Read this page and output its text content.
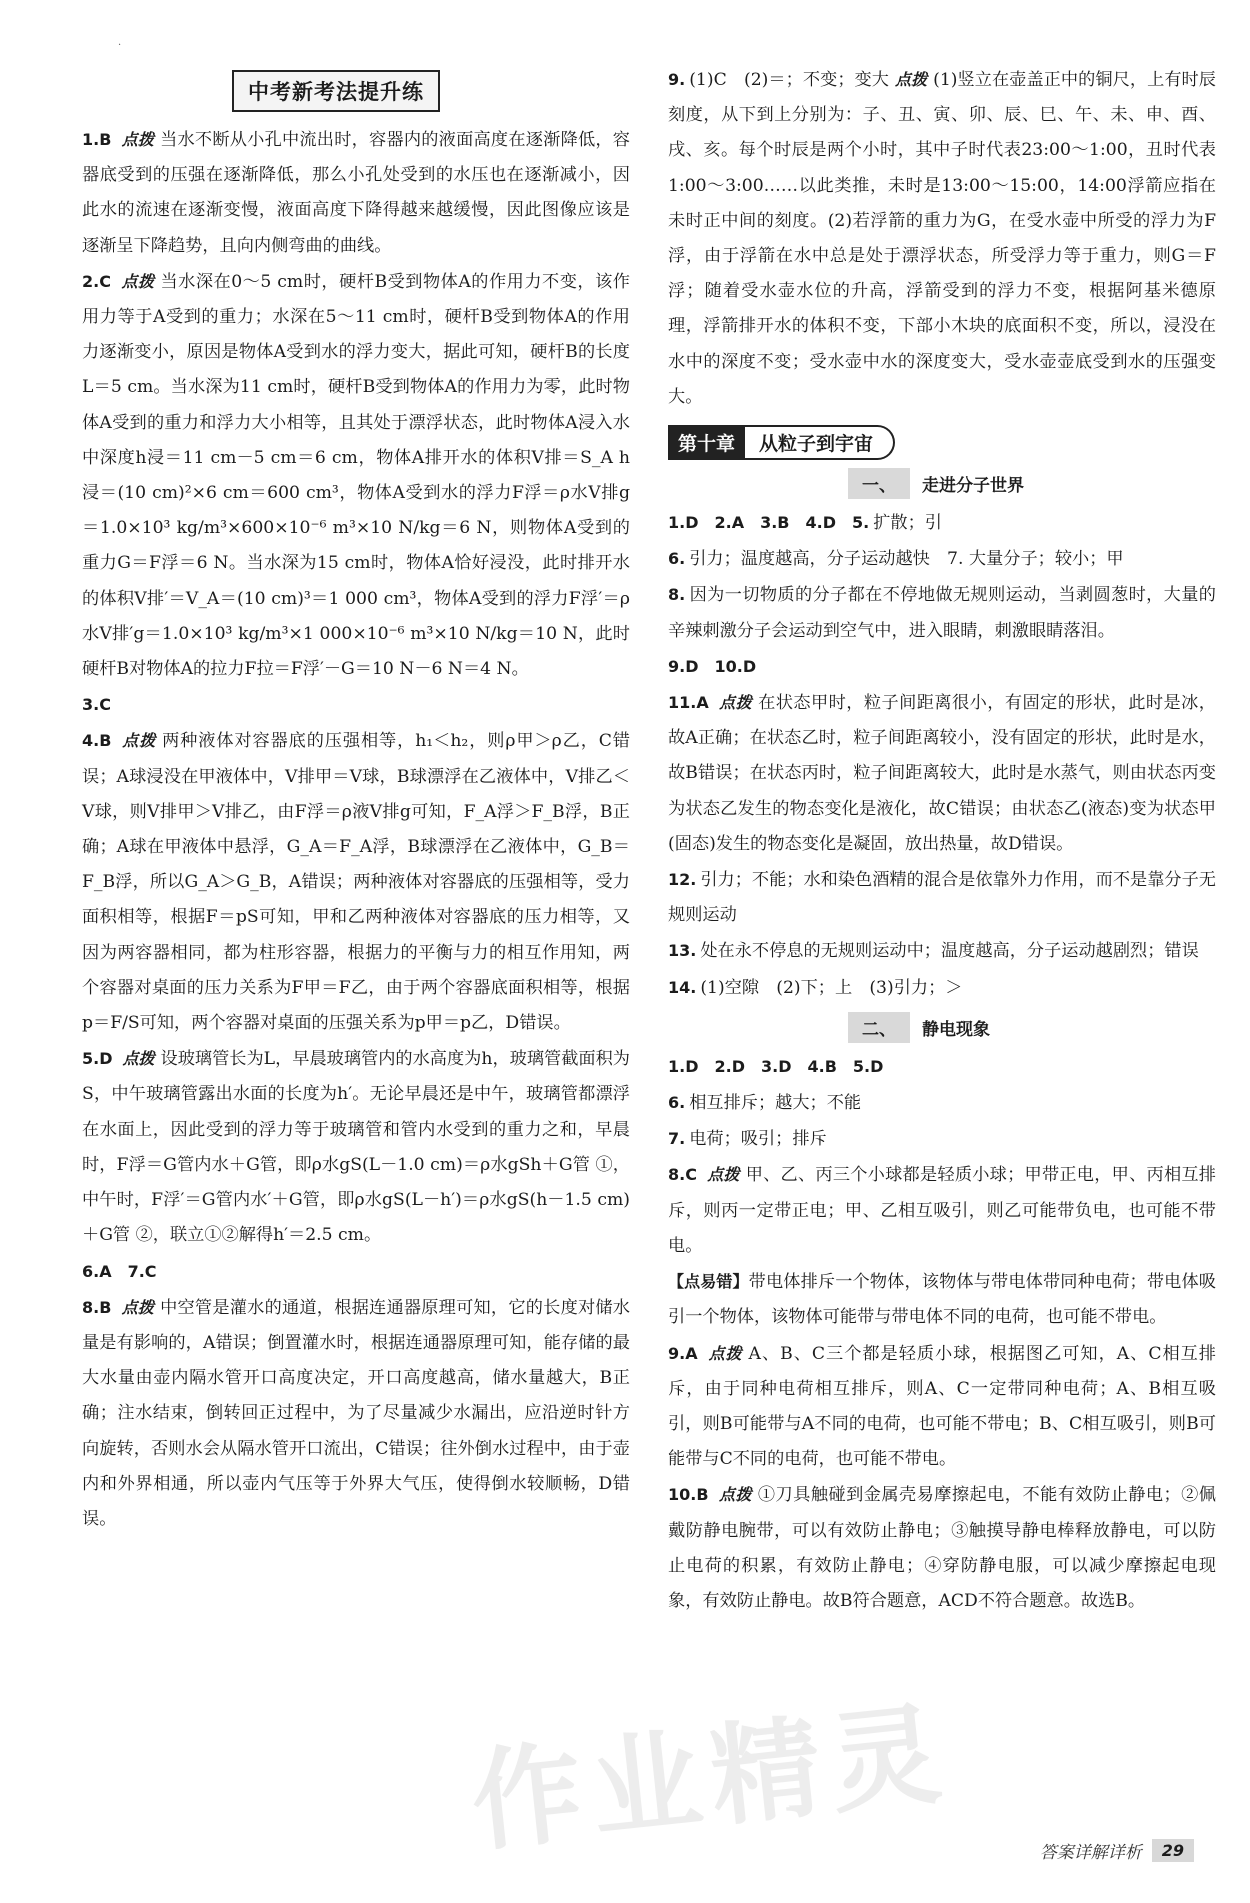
·
中考新考法提升练

1.B 点拨 当水不断从小孔中流出时，容器内的液面高度在逐渐降低，容器底受到的压强在逐渐降低，那么小孔处受到的水压也在逐渐减小，因此水的流速在逐渐变慢，液面高度下降得越来越缓慢，因此图像应该是逐渐呈下降趋势，且向内侧弯曲的曲线。

2.C 点拨 当水深在0～5 cm时，硬杆B受到物体A的作用力不变，该作用力等于A受到的重力；水深在5～11 cm时，硬杆B受到物体A的作用力逐渐变小，原因是物体A受到水的浮力变大，据此可知，硬杆B的长度L＝5 cm。当水深为11 cm时，硬杆B受到物体A的作用力为零，此时物体A受到的重力和浮力大小相等，且其处于漂浮状态，此时物体A浸入水中深度h浸＝11 cm－5 cm＝6 cm，物体A排开水的体积V排＝S_A h浸＝(10 cm)²×6 cm＝600 cm³，物体A受到水的浮力F浮＝ρ水V排g＝1.0×10³ kg/m³×600×10⁻⁶ m³×10 N/kg＝6 N，则物体A受到的重力G＝F浮＝6 N。当水深为15 cm时，物体A恰好浸没，此时排开水的体积V排′＝V_A＝(10 cm)³＝1 000 cm³，物体A受到的浮力F浮′＝ρ水V排′g＝1.0×10³ kg/m³×1 000×10⁻⁶ m³×10 N/kg＝10 N，此时硬杆B对物体A的拉力F拉＝F浮′－G＝10 N－6 N＝4 N。

3.C

4.B 点拨 两种液体对容器底的压强相等，h₁＜h₂，则ρ甲＞ρ乙，C错误；A球浸没在甲液体中，V排甲＝V球，B球漂浮在乙液体中，V排乙＜V球，则V排甲＞V排乙，由F浮＝ρ液V排g可知，F_A浮＞F_B浮，B正确；A球在甲液体中悬浮，G_A＝F_A浮，B球漂浮在乙液体中，G_B＝F_B浮，所以G_A＞G_B，A错误；两种液体对容器底的压强相等，受力面积相等，根据F＝pS可知，甲和乙两种液体对容器底的压力相等，又因为两容器相同，都为柱形容器，根据力的平衡与力的相互作用知，两个容器对桌面的压力关系为F甲＝F乙，由于两个容器底面积相等，根据p＝F/S可知，两个容器对桌面的压强关系为p甲＝p乙，D错误。

5.D 点拨 设玻璃管长为L，早晨玻璃管内的水高度为h，玻璃管截面积为S，中午玻璃管露出水面的长度为h′。无论早晨还是中午，玻璃管都漂浮在水面上，因此受到的浮力等于玻璃管和管内水受到的重力之和，早晨时，F浮＝G管内水＋G管，即ρ水gS(L－1.0 cm)＝ρ水gSh＋G管 ①，中午时，F浮′＝G管内水′＋G管，即ρ水gS(L－h′)＝ρ水gS(h－1.5 cm)＋G管 ②，联立①②解得h′＝2.5 cm。

6.A　7.C

8.B 点拨 中空管是灌水的通道，根据连通器原理可知，它的长度对储水量是有影响的，A错误；倒置灌水时，根据连通器原理可知，能存储的最大水量由壶内隔水管开口高度决定，开口高度越高，储水量越大，B正确；注水结束，倒转回正过程中，为了尽量减少水漏出，应沿逆时针方向旋转，否则水会从隔水管开口流出，C错误；往外倒水过程中，由于壶内和外界相通，所以壶内气压等于外界大气压，使得倒水较顺畅，D错误。

9. (1)C　(2)＝；不变；变大 点拨 (1)竖立在壶盖正中的铜尺，上有时辰刻度，从下到上分别为：子、丑、寅、卯、辰、巳、午、未、申、酉、戌、亥。每个时辰是两个小时，其中子时代表23:00～1:00，丑时代表1:00～3:00……以此类推，未时是13:00～15:00，14:00浮箭应指在未时正中间的刻度。(2)若浮箭的重力为G，在受水壶中所受的浮力为F浮，由于浮箭在水中总是处于漂浮状态，所受浮力等于重力，则G＝F浮；随着受水壶水位的升高，浮箭受到的浮力不变，根据阿基米德原理，浮箭排开水的体积不变，下部小木块的底面积不变，所以，浸没在水中的深度不变；受水壶中水的深度变大，受水壶壶底受到水的压强变大。

第十章	从粒子到宇宙
一、	走进分子世界

1.D　2.A　3.B　4.D　5. 扩散；引

6. 引力；温度越高，分子运动越快　7. 大量分子；较小；甲

8. 因为一切物质的分子都在不停地做无规则运动，当剥圆葱时，大量的辛辣刺激分子会运动到空气中，进入眼睛，刺激眼睛落泪。

9.D　10.D

11.A 点拨 在状态甲时，粒子间距离很小，有固定的形状，此时是冰，故A正确；在状态乙时，粒子间距离较小，没有固定的形状，此时是水，故B错误；在状态丙时，粒子间距离较大，此时是水蒸气，则由状态丙变为状态乙发生的物态变化是液化，故C错误；由状态乙(液态)变为状态甲(固态)发生的物态变化是凝固，放出热量，故D错误。

12. 引力；不能；水和染色酒精的混合是依靠外力作用，而不是靠分子无规则运动

13. 处在永不停息的无规则运动中；温度越高，分子运动越剧烈；错误

14. (1)空隙　(2)下；上　(3)引力；＞

二、	静电现象

1.D　2.D　3.D　4.B　5.D

6. 相互排斥；越大；不能

7. 电荷；吸引；排斥

8.C 点拨 甲、乙、丙三个小球都是轻质小球；甲带正电，甲、丙相互排斥，则丙一定带正电；甲、乙相互吸引，则乙可能带负电，也可能不带电。

【点易错】带电体排斥一个物体，该物体与带电体带同种电荷；带电体吸引一个物体，该物体可能带与带电体不同的电荷，也可能不带电。

9.A 点拨 A、B、C三个都是轻质小球，根据图乙可知，A、C相互排斥，由于同种电荷相互排斥，则A、C一定带同种电荷；A、B相互吸引，则B可能带与A不同的电荷，也可能不带电；B、C相互吸引，则B可能带与C不同的电荷，也可能不带电。

10.B 点拨 ①刀具触碰到金属壳易摩擦起电，不能有效防止静电；②佩戴防静电腕带，可以有效防止静电；③触摸导静电棒释放静电，可以防止电荷的积累，有效防止静电；④穿防静电服，可以减少摩擦起电现象，有效防止静电。故B符合题意，ACD不符合题意。故选B。

作业精灵	答案详解详析	29
